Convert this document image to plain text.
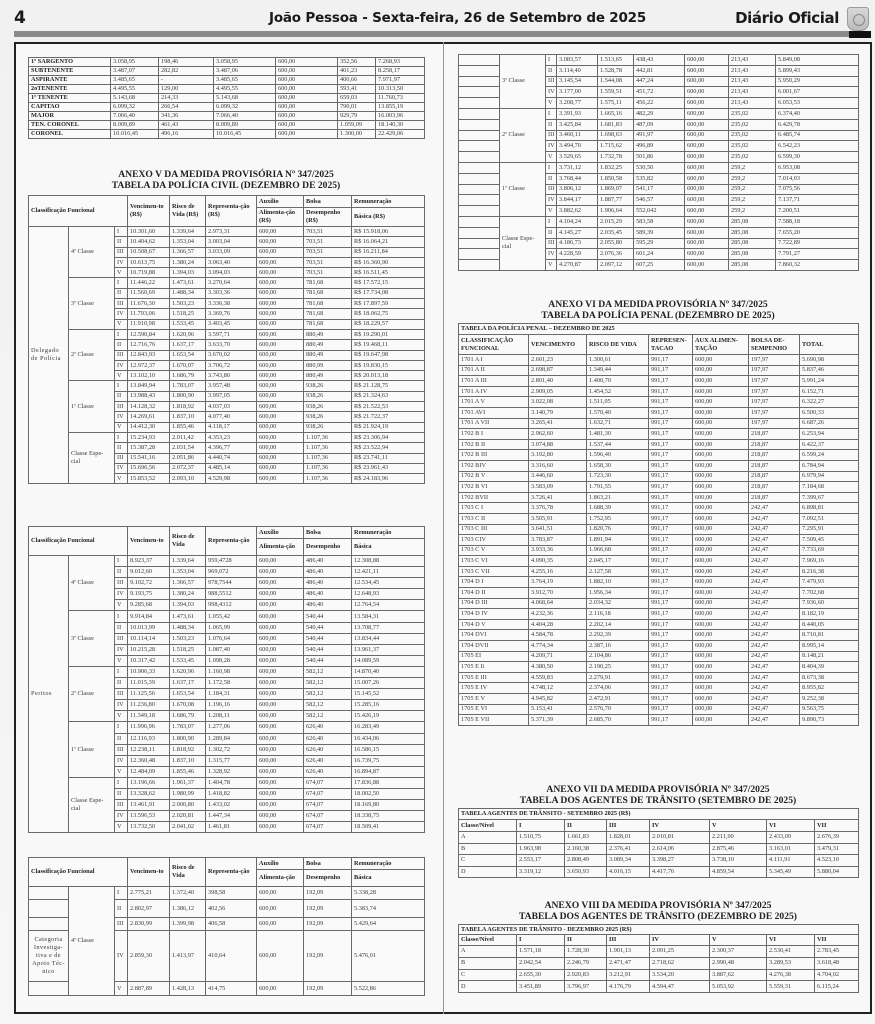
4	João Pessoa - Sexta-feira, 26 de Setembro de 2025	Diário Oficial
1º SARGENTO	3.058,95	198,46	3.058,95	600,00	352,56	7.268,93
SUBTENENTE	3.487,07	282,82	3.487,06	600,00	401,23	8.258,17
ASPIRANTE	3.485,65	-	3.485,65	600,00	400,66	7.971,97
2oTENENTE	4.495,55	129,00	4.495,55	600,00	593,41	10.313,50
1º TENENTE	5.143,68	214,33	5.143,68	600,00	659,03	11.760,73
CAPITAO	6.099,32	266,54	6.099,32	600,00	790,01	13.855,19
MAJOR	7.066,40	341,36	7.066,40	600,00	929,79	16.003,96
TEN. CORONEL	8.009,89	461,43	8.009,89	600,00	1.059,09	18.140,30
CORONEL	10.016,45	496,16	10.016,45	600,00	1.300,00	22.429,06
ANEXO V DA MEDIDA PROVISÓRIA Nº 347/2025
TABELA DA POLÍCIA CIVIL (DEZEMBRO DE 2025)
Classificação Funcional			Vencimen-to (R$)	Risco de Vida (R$)	Representa-ção (R$)	Auxílio	Bolsa	Remuneração
						Alimenta-ção (R$)	Desempenho (R$)	Básica (R$)
Delegado de Polícia	4ª Classe	I	10.301,60	1.339,64	2.973,31	600,00	703,51	R$ 15.918,06
		II	10.404,62	1.353,04	3.003,04	600,00	703,51	R$ 16.064,21
		III	10.508,67	1.366,57	3.033,09	600,00	703,51	R$ 16.211,84
		IV	10.613,75	1.380,24	3.063,40	600,00	703,51	R$ 16.360,90
		V	10.719,88	1.394,03	3.094,03	600,00	703,51	R$ 16.511,45
	3ª Classe	I	11.446,22	1.473,61	3.270,64	600,00	781,68	R$ 17.572,15
		II	11.560,69	1.488,34	3.303,36	600,00	781,68	R$ 17.734,08
		III	11.676,30	1.503,23	3.336,38	600,00	781,68	R$ 17.897,59
		IV	11.793,06	1.518,25	3.369,76	600,00	781,68	R$ 18.062,75
		V	11.910,98	1.533,45	3.403,45	600,00	781,68	R$ 18.229,57
	2ª Classe	I	12.590,84	1.620,96	3.597,71	600,00	880,49	R$ 19.290,01
		II	12.716,76	1.637,17	3.633,70	600,00	880,49	R$ 19.468,11
		III	12.843,93	1.653,54	3.670,02	600,00	880,49	R$ 19.647,98
		IV	12.972,37	1.670,07	3.706,72	600,00	880,99	R$ 19.830,15
		V	13.102,10	1.686,79	3.743,80	600,00	880,49	R$ 20.013,18
	1ª Classe	I	13.849,94	1.783,07	3.957,48	600,00	938,26	R$ 21.128,75
		II	13.988,43	1.800,90	3.997,05	600,00	938,26	R$ 21.324,63
		III	14.128,32	1.818,92	4.037,03	600,00	938,26	R$ 21.522,53
		IV	14.269,61	1.837,10	4.077,40	600,00	938,26	R$ 21.722,37
		V	14.412,30	1.855,46	4.118,17	600,00	938,26	R$ 21.924,19
	Classe Espe-cial	I	15.234,93	2.011,42	4.353,23	600,00	1.107,36	R$ 23.306,94
		II	15.387,28	2.031,54	4.396,77	600,00	1.107,36	R$ 23.522,94
		III	15.541,16	2.051,86	4.440,74	600,00	1.107,36	R$ 23.741,11
		IV	15.696,56	2.072,37	4.485,14	600,00	1.107,36	R$ 23.961,43
		V	15.853,52	2.093,10	4.529,98	600,00	1.107,36	R$ 24.183,96
Classificação Funcional			Vencimen-to	Risco de Vida	Representa-ção	Auxílio	Bolsa	Remuneração
						Alimenta-ção	Desempenho	Básica
Peritos	4ª Classe	I	8.923,37	1.339,64	959,4728	600,00	486,40	12.308,88
		II	9.012,60	1.353,04	969,072	600,00	486,40	12.421,11
		III	9.102,72	1.366,57	978,7544	600,00	486,40	12.534,45
		IV	9.193,75	1.380,24	988,5512	600,00	486,40	12.648,93
		V	9.285,68	1.394,03	998,4312	600,00	486,40	12.764,54
	3ª Classe	I	9.914,84	1.473,61	1.055,42	600,00	540,44	13.584,31
		II	10.013,99	1.488,34	1.065,99	600,00	540,44	13.708,77
		III	10.114,14	1.503,23	1.076,64	600,00	540,44	13.834,44
		IV	10.215,28	1.518,25	1.087,40	600,00	540,44	13.961,37
		V	10.317,42	1.533,45	1.098,28	600,00	540,44	14.089,59
	2ª Classe	I	10.906,33	1.620,96	1.160,98	600,00	582,12	14.870,40
		II	11.015,39	1.637,17	1.172,58	600,00	582,12	15.007,26
		III	11.125,56	1.653,54	1.184,31	600,00	582,12	15.145,52
		IV	11.236,80	1.670,08	1.196,16	600,00	582,12	15.285,16
		V	11.349,18	1.686,79	1.208,11	600,00	582,12	15.426,19
	1ª Classe	I	11.996,96	1.783,07	1.277,06	600,00	626,40	16.283,49
		II	12.116,93	1.800,90	1.289,84	600,00	626,40	16.434,06
		III	12.238,11	1.818,92	1.302,72	600,00	626,40	16.586,15
		IV	12.360,48	1.837,10	1.315,77	600,00	626,40	16.739,75
		V	12.484,09	1.855,46	1.328,92	600,00	626,40	16.894,87
	Classe Espe-cial	I	13.196,66	1.961,37	1.404,78	600,00	674,07	17.836,88
		II	13.328,62	1.980,99	1.418,82	600,00	674,07	18.002,50
		III	13.461,91	2.000,80	1.433,02	600,00	674,07	18.169,80
		IV	13.596,53	2.020,81	1.447,34	600,00	674,07	18.338,75
		V	13.732,50	2.041,02	1.461,81	600,00	674,07	18.509,41
Classificação Funcional			Vencimen-to	Risco de Vida	Representa-ção	Auxílio	Bolsa	Remuneração
						Alimenta-ção	Desempenho	Básica
	4ª Classe	I	2.775,21	1.372,40	398,58	600,00	192,09	5.338,28
		II	2.802,97	1.386,12	402,56	600,00	192,09	5.383,74
		III	2.830,99	1.399,98	406,58	600,00	192,09	5.429,64
Categoria Investiga-tiva e de Apoio Téc-nico		IV	2.859,30	1.413,97	410,64	600,00	192,09	5.476,01
		V	2.887,89	1.428,13	414,75	600,00	192,09	5.522,86
	3ª Classe	I	3.083,57	1.513,65	438,43	600,00	213,43	5.849,08
		II	3.114,40	1.528,78	442,81	600,00	213,43	5.899,43
		III	3.145,54	1.544,08	447,24	600,00	213,43	5.950,29
		IV	3.177,00	1.559,51	451,72	600,00	213,43	6.001,67
		V	3.208,77	1.575,11	456,22	600,00	213,43	6.053,53
	2ª Classe	I	3.391,93	1.665,16	482,29	600,00	235,02	6.374,40
		II	3.425,84	1.681,83	487,09	600,00	235,02	6.429,78
		III	3.460,11	1.698,63	491,97	600,00	235,02	6.485,74
		IV	3.494,70	1.715,62	496,89	600,00	235,02	6.542,23
		V	3.529,65	1.732,78	501,86	600,00	235,02	6.599,30
	1ª Classe	I	3.731,12	1.832,25	530,50	600,00	259,2	6.953,08
		II	3.768,44	1.850,58	535,82	600,00	259,2	7.014,03
		III	3.806,12	1.869,07	541,17	600,00	259,2	7.075,56
		IV	3.844,17	1.887,77	546,57	600,00	259,2	7.137,71
		V	3.882,62	1.906,64	552,042	600,00	259,2	7.200,51
	Classe Espe-cial	I	4.104,24	2.015,29	583,58	600,00	285,08	7.588,18
		II	4.145,27	2.035,45	589,39	600,00	285,08	7.655,20
		III	4.186,73	2.055,80	595,29	600,00	285,08	7.722,89
		IV	4.228,59	2.076,36	601,24	600,00	285,08	7.791,27
		V	4.270,87	2.097,12	607,25	600,00	285,08	7.860,32
ANEXO VI DA MEDIDA PROVISÓRIA Nº 347/2025
TABELA DA POLÍCIA PENAL (DEZEMBRO DE 2025)
TABELA DA POLÍCIA PENAL – DEZEMBRO DE 2025						
CLASSIFICAÇÃO FUNCIONAL	VENCIMENTO	RISCO DE VIDA	REPRESEN-TACAO	AUX ALIMEN-TAÇÃO	BOLSA DE-SEMPENHO	TOTAL
1701 A I	2.601,23	1.300,61	991,17	600,00	197,97	5.690,98
1701 A II	2.698,87	1.349,44	991,17	600,00	197,97	5.837,46
1701 A III	2.801,40	1.400,70	991,17	600,00	197,97	5.991,24
1701 A IV	2.909,05	1.454,52	991,17	600,00	197,97	6.152,71
1701 A V	3.022,08	1.511,05	991,17	600,00	197,97	6.322,27
1701 AVI	3.140,79	1.570,40	991,17	600,00	197,97	6.500,33
1701 A VII	3.265,41	1.632,71	991,17	600,00	197,97	6.687,26
1702 B I	2.962,60	1.481,30	991,17	600,00	218,87	6.253,94
1702 B II	3.074,88	1.537,44	991,17	600,00	218,87	6.422,37
1702 B III	3.192,80	1.596,40	991,17	600,00	218,87	6.599,24
1702 BIV	3.316,60	1.658,30	991,17	600,00	218,87	6.784,94
1702 B V	3.446,60	1.723,30	991,17	600,00	218,87	6.979,94
1702 B VI	3.583,09	1.791,55	991,17	600,00	218,87	7.184,68
1702 BVII	3.726,41	1.863,21	991,17	600,00	218,87	7.399,67
1703 C I	3.376,78	1.688,39	991,17	600,00	242,47	6.898,81
1703 C II	3.505,91	1.752,95	991,17	600,00	242,47	7.092,51
1703 C III	3.641,51	1.820,76	991,17	600,00	242,47	7.295,91
1703 CIV	3.783,87	1.891,94	991,17	600,00	242,47	7.509,45
1703 C V	3.933,36	1.966,68	991,17	600,00	242,47	7.733,69
1703 C VI	4.090,35	2.045,17	991,17	600,00	242,47	7.969,16
1703 C VII	4.255,16	2.127,58	991,17	600,00	242,47	8.216,38
1704 D I	3.764,19	1.882,10	991,17	600,00	242,47	7.479,93
1704 D II	3.912,70	1.956,34	991,17	600,00	242,47	7.702,68
1704 D III	4.068,64	2.034,32	991,17	600,00	242,47	7.936,60
1704 D IV	4.232,36	2.116,18	991,17	600,00	242,47	8.182,19
1704 D V	4.404,28	2.202,14	991,17	600,00	242,47	8.440,05
1704 DVI	4.584,78	2.292,39	991,17	600,00	242,47	8.710,81
1704 DVII	4.774,34	2.387,16	991,17	600,00	242,47	8.995,14
1705 EI	4.209,71	2.104,86	991,17	600,00	242,47	8.148,21
1705 E Ii	4.380,50	2.190,25	991,17	600,00	242,47	8.404,39
1705 E III	4.559,83	2.279,91	991,17	600,00	242,47	8.673,38
1705 E IV	4.748,12	2.374,06	991,17	600,00	242,47	8.955,82
1705 E V	4.945,82	2.472,91	991,17	600,00	242,47	9.252,38
1705 E VI	5.153,41	2.576,70	991,17	600,00	242,47	9.563,75
1705 E VII	5.371,39	2.685,70	991,17	600,00	242,47	9.890,73
ANEXO VII DA MEDIDA PROVISÓRIA Nº 347/2025
TABELA DOS AGENTES DE TRÂNSITO (SETEMBRO DE 2025)
TABELA AGENTES DE TRÂNSITO - SETEMBRO 2025 (R$)							
Classe/Nível	I	II	III	IV	V	VI	VII
A	1.510,75	1.661,83	1.828,01	2.010,81	2.211,90	2.433,09	2.676,39
B	1.963,98	2.160,38	2.376,41	2.614,06	2.875,46	3.163,01	3.479,31
C	2.553,17	2.808,49	3.089,34	3.398,27	3.738,10	4.111,91	4.523,10
D	3.319,12	3.650,93	4.016,15	4.417,76	4.859,54	5.345,49	5.880,04
ANEXO VIII DA MEDIDA PROVISÓRIA Nº 347/2025
TABELA DOS AGENTES DE TRÂNSITO (DEZEMBRO DE 2025)
TABELA AGENTES DE TRÂNSITO - DEZEMBRO 2025 (R$)							
Classe/Nível	I	II	III	IV	V	VI	VII
A	1.571,18	1.728,30	1.901,13	2.091,25	2.300,37	2.530,41	2.783,45
B	2.042,54	2.246,79	2.471,47	2.718,62	2.990,48	3.289,53	3.618,48
C	2.655,30	2.920,83	3.212,91	3.534,20	3.887,62	4.276,38	4.704,02
D	3.451,89	3.796,97	4.176,79	4.594,47	5.053,92	5.559,31	6.115,24
